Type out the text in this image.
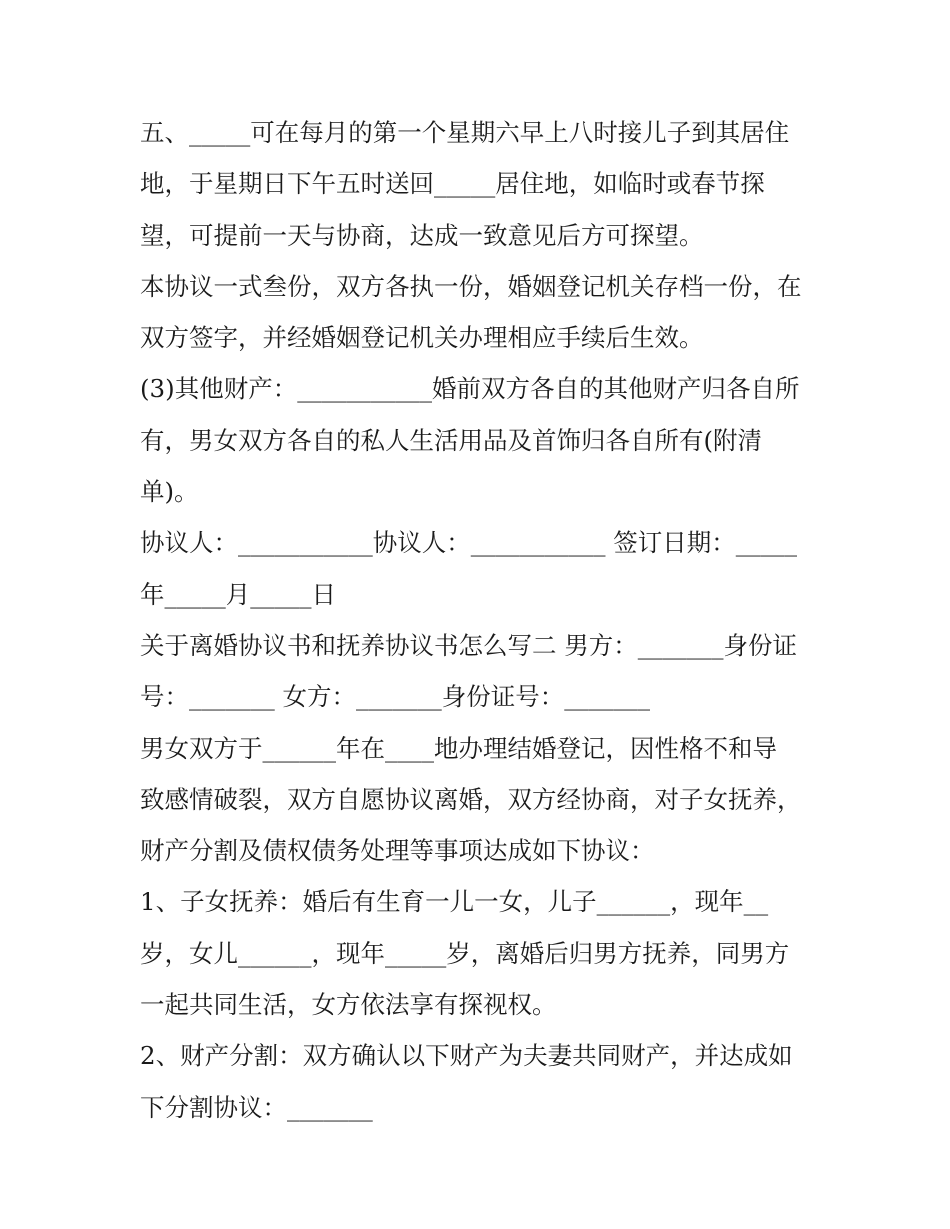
五、_____可在每月的第一个星期六早上八时接儿子到其居住
地，于星期日下午五时送回_____居住地，如临时或春节探
望，可提前一天与协商，达成一致意见后方可探望。
本协议一式叁份，双方各执一份，婚姻登记机关存档一份，在
双方签字，并经婚姻登记机关办理相应手续后生效。
(3)其他财产：___________婚前双方各自的其他财产归各自所
有，男女双方各自的私人生活用品及首饰归各自所有(附清
单)。
协议人：___________协议人：___________ 签订日期：_____
年_____月_____日
关于离婚协议书和抚养协议书怎么写二 男方：_______身份证
号：_______ 女方：_______身份证号：_______
男女双方于______年在____地办理结婚登记，因性格不和导
致感情破裂，双方自愿协议离婚，双方经协商，对子女抚养，
财产分割及债权债务处理等事项达成如下协议：
1、子女抚养：婚后有生育一儿一女，儿子______，现年__
岁，女儿______，现年_____岁，离婚后归男方抚养，同男方
一起共同生活，女方依法享有探视权。
2、财产分割：双方确认以下财产为夫妻共同财产，并达成如
下分割协议：_______
